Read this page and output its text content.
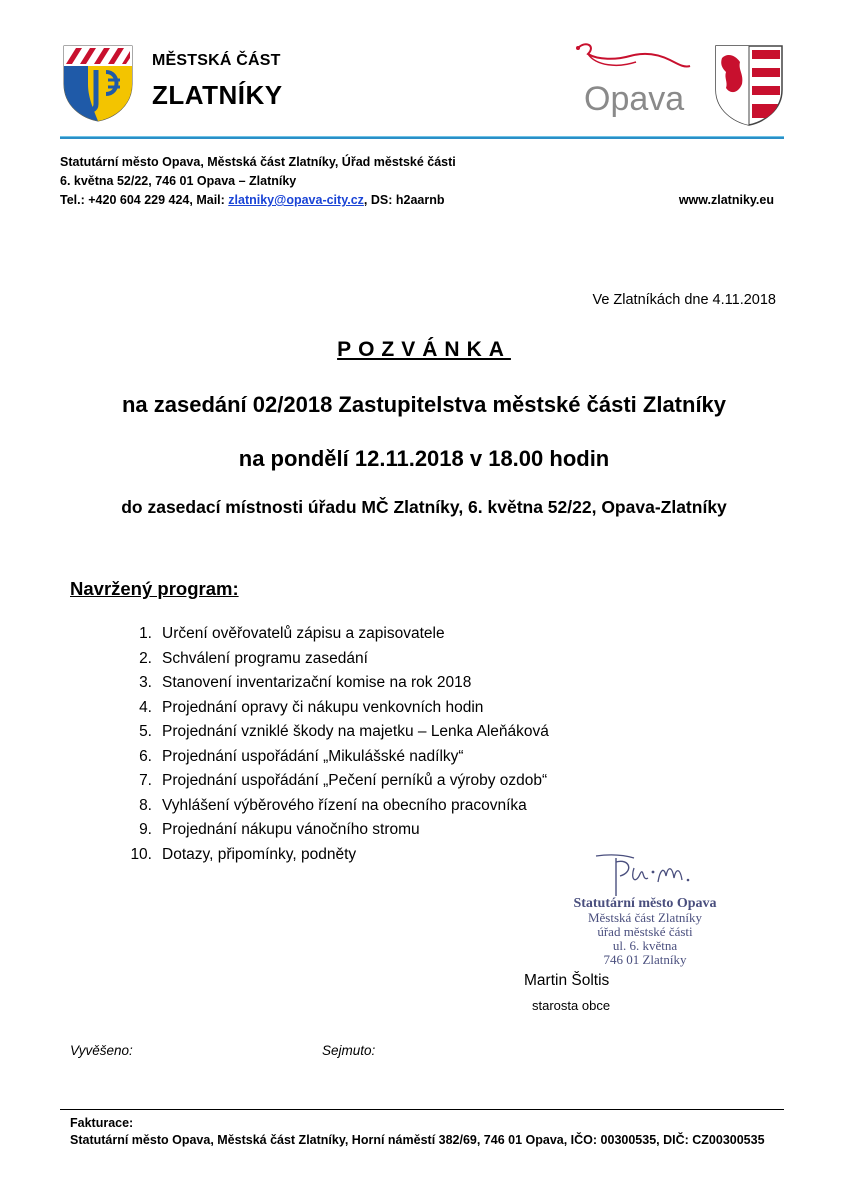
MĚSTSKÁ ČÁST
ZLATNÍKY	Opava
Statutární město Opava, Městská část Zlatníky, Úřad městské části
6. května 52/22, 746 01 Opava – Zlatníky
Tel.: +420 604 229 424, Mail: zlatniky@opava-city.cz, DS: h2aarnb	www.zlatniky.eu
Ve Zlatníkách dne 4.11.2018
POZVÁNKA
na zasedání 02/2018 Zastupitelstva městské části Zlatníky
na pondělí 12.11.2018 v 18.00 hodin
do zasedací místnosti úřadu MČ Zlatníky, 6. května 52/22, Opava-Zlatníky
Navržený program:
1. Určení ověřovatelů zápisu a zapisovatele
2. Schválení programu zasedání
3. Stanovení inventarizační komise na rok 2018
4. Projednání opravy či nákupu venkovních hodin
5. Projednání vzniklé škody na majetku – Lenka Aleňáková
6. Projednání uspořádání „Mikulášské nadílky“
7. Projednání uspořádání „Pečení perníků a výroby ozdob“
8. Vyhlášení výběrového řízení na obecního pracovníka
9. Projednání nákupu vánočního stromu
10. Dotazy, připomínky, podněty
Statutární město Opava
Městská část Zlatníky
úřad městské části
ul. 6. května
746 01 Zlatníky
Martin Šoltis
starosta obce
Vyvěšeno:	Sejmuto:
Fakturace:
Statutární město Opava, Městská část Zlatníky, Horní náměstí 382/69, 746 01 Opava, IČO: 00300535, DIČ: CZ00300535
